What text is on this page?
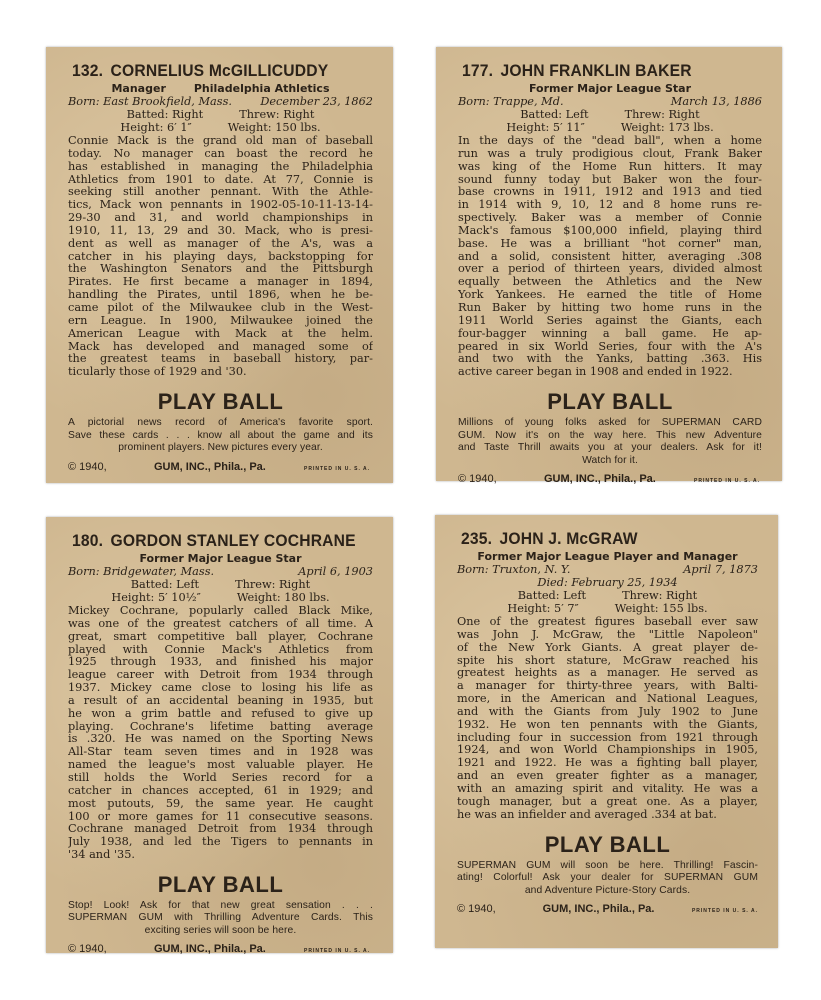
132. CORNELIUS McGILLICUDDY
Manager	Philadelphia Athletics
Born: East Brookfield, Mass.	December 23, 1862
Batted: Right	Threw: Right
Height: 6′ 1″	Weight: 150 lbs.
Connie Mack is the grand old man of baseball
today. No manager can boast the record he
has established in managing the Philadelphia
Athletics from 1901 to date. At 77, Connie is
seeking still another pennant. With the Athle-
tics, Mack won pennants in 1902-05-10-11-13-14-
29-30 and 31, and world championships in
1910, 11, 13, 29 and 30. Mack, who is presi-
dent as well as manager of the A's, was a
catcher in his playing days, backstopping for
the Washington Senators and the Pittsburgh
Pirates. He first became a manager in 1894,
handling the Pirates, until 1896, when he be-
came pilot of the Milwaukee club in the West-
ern League. In 1900, Milwaukee joined the
American League with Mack at the helm.
Mack has developed and managed some of
the greatest teams in baseball history, par-
ticularly those of 1929 and '30.
PLAY BALL
A pictorial news record of America's favorite sport.
Save these cards . . . know all about the game and its
prominent players. New pictures every year.
© 1940,	GUM, INC., Phila., Pa.	PRINTED IN U. S. A.
177. JOHN FRANKLIN BAKER
Former Major League Star
Born: Trappe, Md.	March 13, 1886
Batted: Left	Threw: Right
Height: 5′ 11″	Weight: 173 lbs.
In the days of the "dead ball", when a home
run was a truly prodigious clout, Frank Baker
was king of the Home Run hitters. It may
sound funny today but Baker won the four-
base crowns in 1911, 1912 and 1913 and tied
in 1914 with 9, 10, 12 and 8 home runs re-
spectively. Baker was a member of Connie
Mack's famous $100,000 infield, playing third
base. He was a brilliant "hot corner" man,
and a solid, consistent hitter, averaging .308
over a period of thirteen years, divided almost
equally between the Athletics and the New
York Yankees. He earned the title of Home
Run Baker by hitting two home runs in the
1911 World Series against the Giants, each
four-bagger winning a ball game. He ap-
peared in six World Series, four with the A's
and two with the Yanks, batting .363. His
active career began in 1908 and ended in 1922.
PLAY BALL
Millions of young folks asked for SUPERMAN CARD
GUM. Now it's on the way here. This new Adventure
and Taste Thrill awaits you at your dealers. Ask for it!
Watch for it.
© 1940,	GUM, INC., Phila., Pa.	PRINTED IN U. S. A.
180. GORDON STANLEY COCHRANE
Former Major League Star
Born: Bridgewater, Mass.	April 6, 1903
Batted: Left	Threw: Right
Height: 5′ 10½″	Weight: 180 lbs.
Mickey Cochrane, popularly called Black Mike,
was one of the greatest catchers of all time. A
great, smart competitive ball player, Cochrane
played with Connie Mack's Athletics from
1925 through 1933, and finished his major
league career with Detroit from 1934 through
1937. Mickey came close to losing his life as
a result of an accidental beaning in 1935, but
he won a grim battle and refused to give up
playing. Cochrane's lifetime batting average
is .320. He was named on the Sporting News
All-Star team seven times and in 1928 was
named the league's most valuable player. He
still holds the World Series record for a
catcher in chances accepted, 61 in 1929; and
most putouts, 59, the same year. He caught
100 or more games for 11 consecutive seasons.
Cochrane managed Detroit from 1934 through
July 1938, and led the Tigers to pennants in
'34 and '35.
PLAY BALL
Stop! Look! Ask for that new great sensation . . .
SUPERMAN GUM with Thrilling Adventure Cards. This
exciting series will soon be here.
© 1940,	GUM, INC., Phila., Pa.	PRINTED IN U. S. A.
235. JOHN J. McGRAW
Former Major League Player and Manager
Born: Truxton, N. Y.	April 7, 1873
Died: February 25, 1934
Batted: Left	Threw: Right
Height: 5′ 7″	Weight: 155 lbs.
One of the greatest figures baseball ever saw
was John J. McGraw, the "Little Napoleon"
of the New York Giants. A great player de-
spite his short stature, McGraw reached his
greatest heights as a manager. He served as
a manager for thirty-three years, with Balti-
more, in the American and National Leagues,
and with the Giants from July 1902 to June
1932. He won ten pennants with the Giants,
including four in succession from 1921 through
1924, and won World Championships in 1905,
1921 and 1922. He was a fighting ball player,
and an even greater fighter as a manager,
with an amazing spirit and vitality. He was a
tough manager, but a great one. As a player,
he was an infielder and averaged .334 at bat.
PLAY BALL
SUPERMAN GUM will soon be here. Thrilling! Fascin-
ating! Colorful! Ask your dealer for SUPERMAN GUM
and Adventure Picture-Story Cards.
© 1940,	GUM, INC., Phila., Pa.	PRINTED IN U. S. A.
